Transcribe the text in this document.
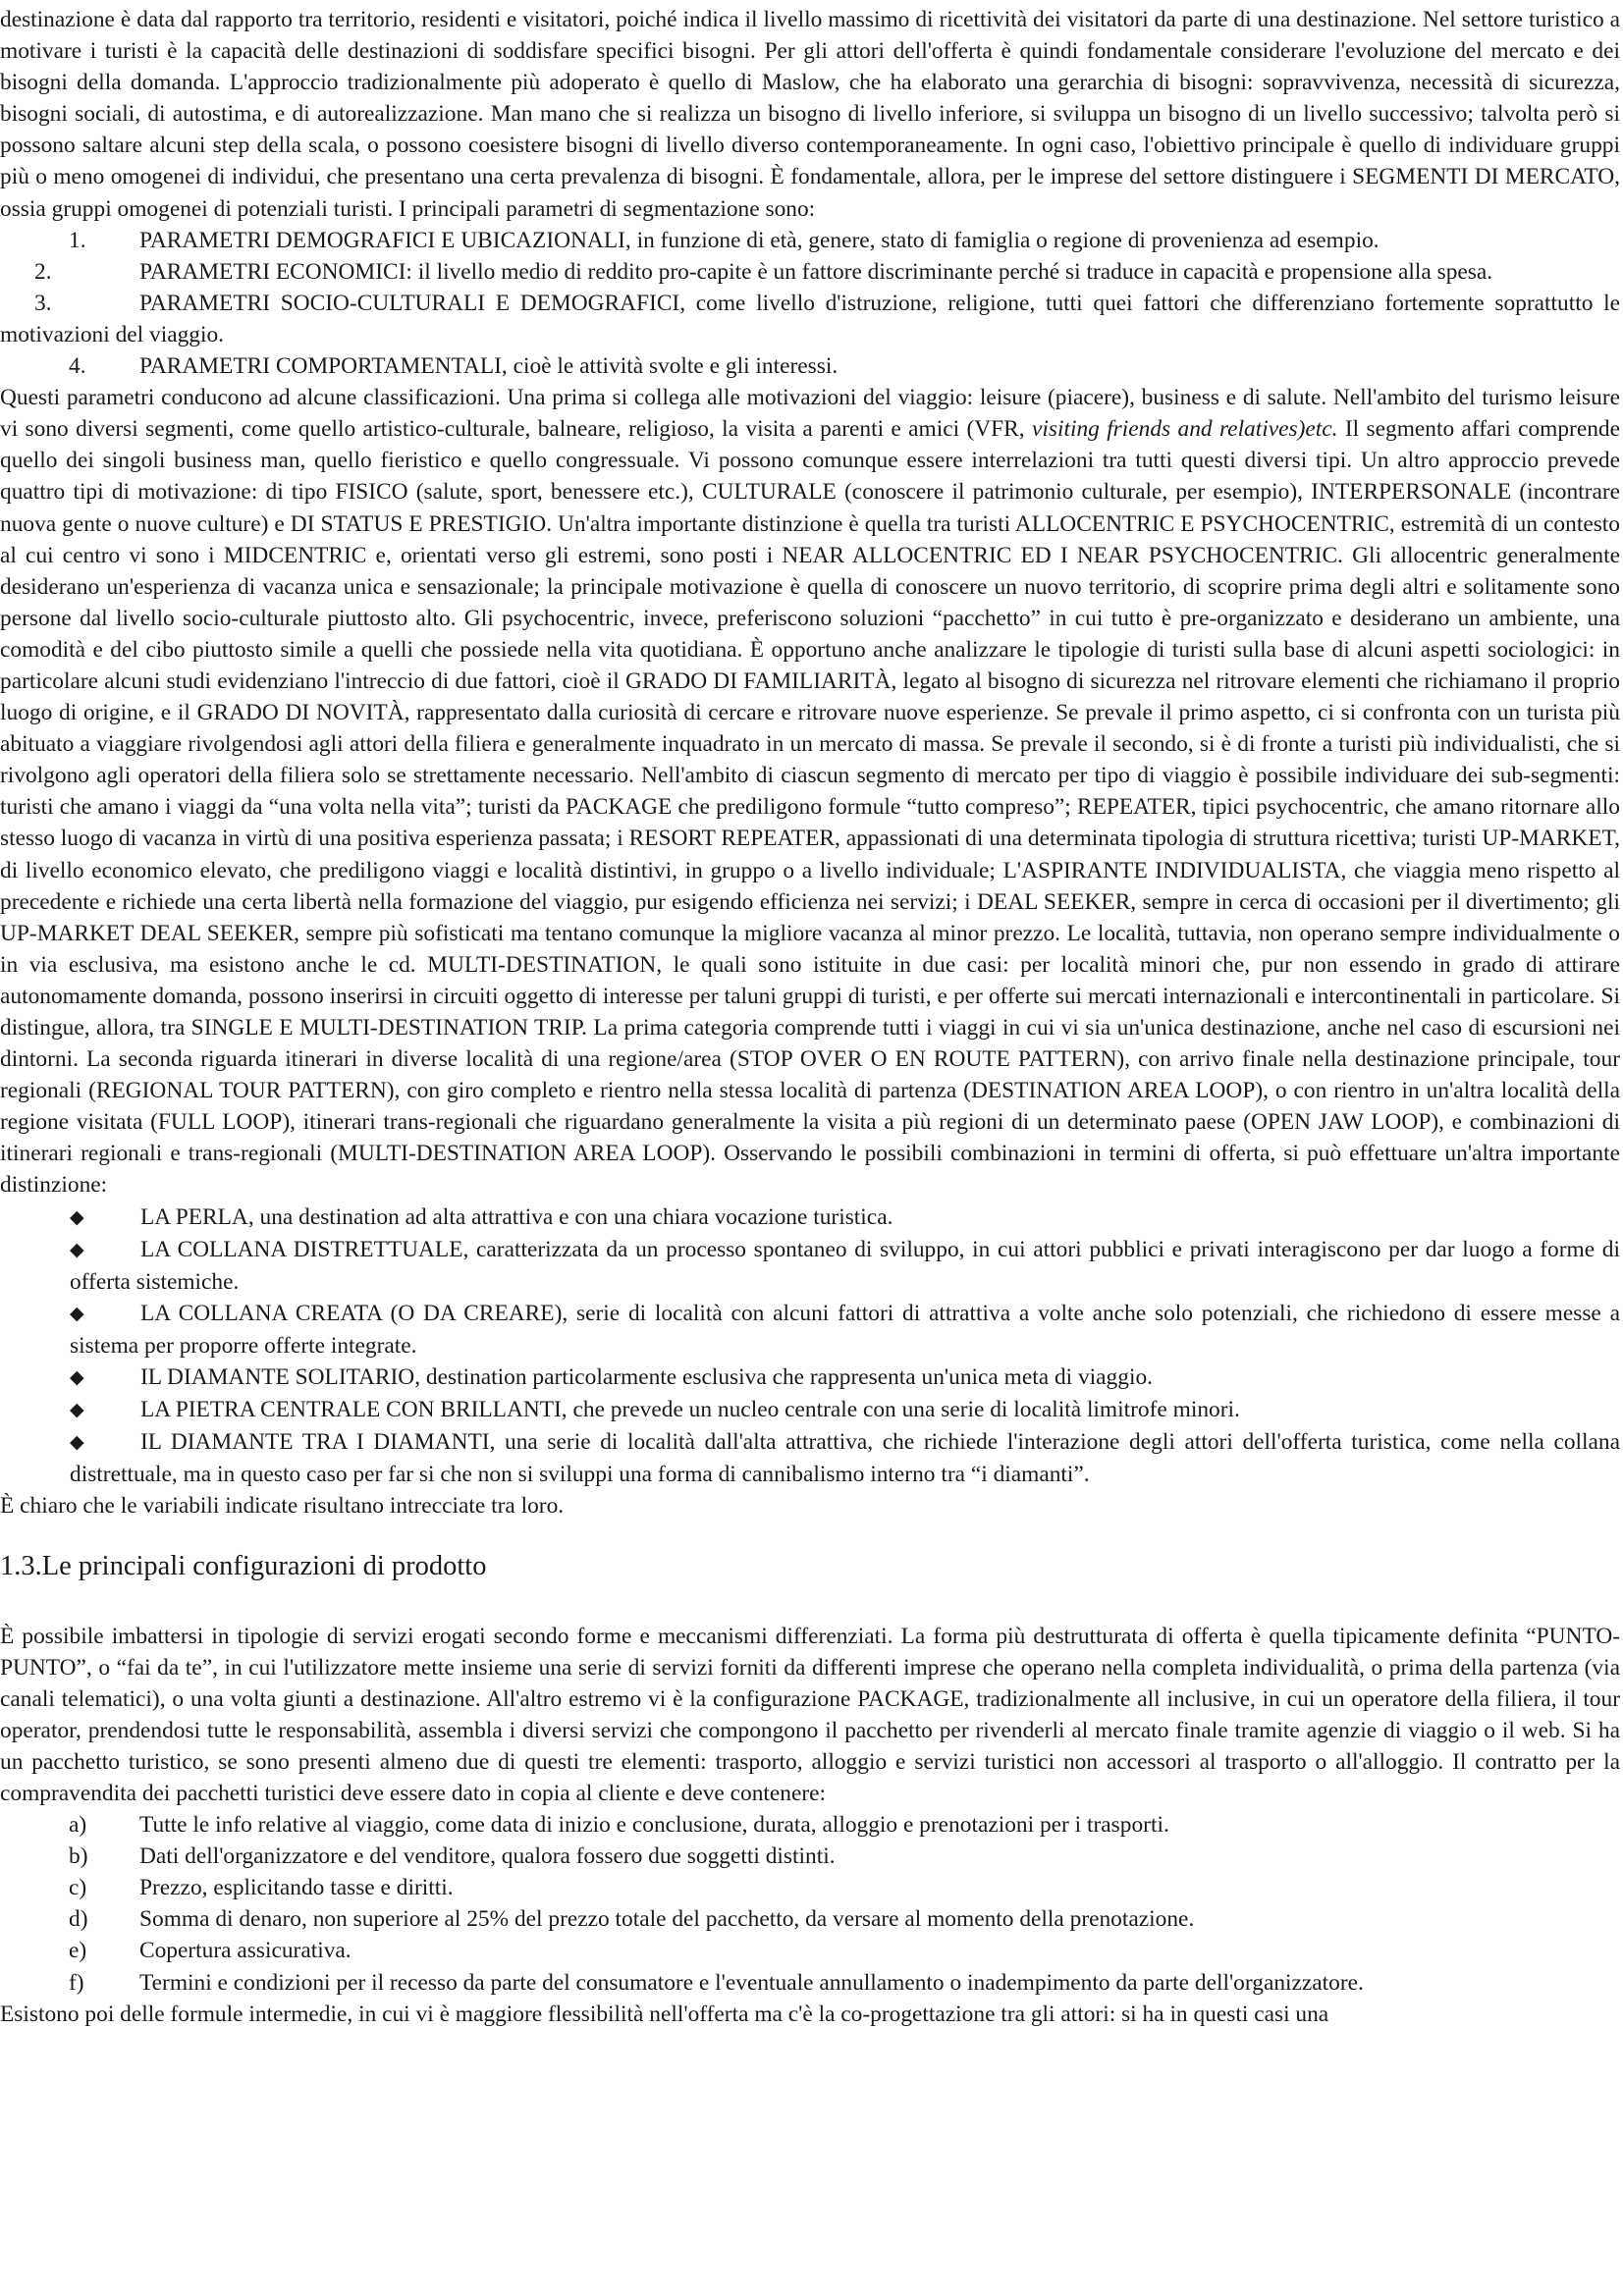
destinazione è data dal rapporto tra territorio, residenti e visitatori, poiché indica il livello massimo di ricettività dei visitatori da parte di una destinazione. Nel settore turistico a motivare i turisti è la capacità delle destinazioni di soddisfare specifici bisogni. Per gli attori dell'offerta è quindi fondamentale considerare l'evoluzione del mercato e dei bisogni della domanda. L'approccio tradizionalmente più adoperato è quello di Maslow, che ha elaborato una gerarchia di bisogni: sopravvivenza, necessità di sicurezza, bisogni sociali, di autostima, e di autorealizzazione. Man mano che si realizza un bisogno di livello inferiore, si sviluppa un bisogno di un livello successivo; talvolta però si possono saltare alcuni step della scala, o possono coesistere bisogni di livello diverso contemporaneamente. In ogni caso, l'obiettivo principale è quello di individuare gruppi più o meno omogenei di individui, che presentano una certa prevalenza di bisogni. È fondamentale, allora, per le imprese del settore distinguere i SEGMENTI DI MERCATO, ossia gruppi omogenei di potenziali turisti. I principali parametri di segmentazione sono:

1. PARAMETRI DEMOGRAFICI E UBICAZIONALI, in funzione di età, genere, stato di famiglia o regione di provenienza ad esempio.
2.	PARAMETRI ECONOMICI: il livello medio di reddito pro-capite è un fattore discriminante perché si traduce in capacità e propensione alla spesa.
3.	PARAMETRI SOCIO-CULTURALI E DEMOGRAFICI, come livello d'istruzione, religione, tutti quei fattori che differenziano fortemente soprattutto le motivazioni del viaggio.
4. PARAMETRI COMPORTAMENTALI, cioè le attività svolte e gli interessi.

Questi parametri conducono ad alcune classificazioni. Una prima si collega alle motivazioni del viaggio: leisure (piacere), business e di salute. Nell'ambito del turismo leisure vi sono diversi segmenti, come quello artistico-culturale, balneare, religioso, la visita a parenti e amici (VFR, visiting friends and relatives)etc. Il segmento affari comprende quello dei singoli business man, quello fieristico e quello congressuale. Vi possono comunque essere interrelazioni tra tutti questi diversi tipi. Un altro approccio prevede quattro tipi di motivazione: di tipo FISICO (salute, sport, benessere etc.), CULTURALE (conoscere il patrimonio culturale, per esempio), INTERPERSONALE (incontrare nuova gente o nuove culture) e DI STATUS E PRESTIGIO. Un'altra importante distinzione è quella tra turisti ALLOCENTRIC E PSYCHOCENTRIC, estremità di un contesto al cui centro vi sono i MIDCENTRIC e, orientati verso gli estremi, sono posti i NEAR ALLOCENTRIC ED I NEAR PSYCHOCENTRIC. Gli allocentric generalmente desiderano un'esperienza di vacanza unica e sensazionale; la principale motivazione è quella di conoscere un nuovo territorio, di scoprire prima degli altri e solitamente sono persone dal livello socio-culturale piuttosto alto. Gli psychocentric, invece, preferiscono soluzioni “pacchetto” in cui tutto è pre-organizzato e desiderano un ambiente, una comodità e del cibo piuttosto simile a quelli che possiede nella vita quotidiana. È opportuno anche analizzare le tipologie di turisti sulla base di alcuni aspetti sociologici: in particolare alcuni studi evidenziano l'intreccio di due fattori, cioè il GRADO DI FAMILIARITÀ, legato al bisogno di sicurezza nel ritrovare elementi che richiamano il proprio luogo di origine, e il GRADO DI NOVITÀ, rappresentato dalla curiosità di cercare e ritrovare nuove esperienze. Se prevale il primo aspetto, ci si confronta con un turista più abituato a viaggiare rivolgendosi agli attori della filiera e generalmente inquadrato in un mercato di massa. Se prevale il secondo, si è di fronte a turisti più individualisti, che si rivolgono agli operatori della filiera solo se strettamente necessario. Nell'ambito di ciascun segmento di mercato per tipo di viaggio è possibile individuare dei sub-segmenti: turisti che amano i viaggi da “una volta nella vita”; turisti da PACKAGE che prediligono formule “tutto compreso”; REPEATER, tipici psychocentric, che amano ritornare allo stesso luogo di vacanza in virtù di una positiva esperienza passata; i RESORT REPEATER, appassionati di una determinata tipologia di struttura ricettiva; turisti UP-MARKET, di livello economico elevato, che prediligono viaggi e località distintivi, in gruppo o a livello individuale; L'ASPIRANTE INDIVIDUALISTA, che viaggia meno rispetto al precedente e richiede una certa libertà nella formazione del viaggio, pur esigendo efficienza nei servizi; i DEAL SEEKER, sempre in cerca di occasioni per il divertimento; gli UP-MARKET DEAL SEEKER, sempre più sofisticati ma tentano comunque la migliore vacanza al minor prezzo. Le località, tuttavia, non operano sempre individualmente o in via esclusiva, ma esistono anche le cd. MULTI-DESTINATION, le quali sono istituite in due casi: per località minori che, pur non essendo in grado di attirare autonomamente domanda, possono inserirsi in circuiti oggetto di interesse per taluni gruppi di turisti, e per offerte sui mercati internazionali e intercontinentali in particolare. Si distingue, allora, tra SINGLE E MULTI-DESTINATION TRIP. La prima categoria comprende tutti i viaggi in cui vi sia un'unica destinazione, anche nel caso di escursioni nei dintorni. La seconda riguarda itinerari in diverse località di una regione/area (STOP OVER O EN ROUTE PATTERN), con arrivo finale nella destinazione principale, tour regionali (REGIONAL TOUR PATTERN), con giro completo e rientro nella stessa località di partenza (DESTINATION AREA LOOP), o con rientro in un'altra località della regione visitata (FULL LOOP), itinerari trans-regionali che riguardano generalmente la visita a più regioni di un determinato paese (OPEN JAW LOOP), e combinazioni di itinerari regionali e trans-regionali (MULTI-DESTINATION AREA LOOP). Osservando le possibili combinazioni in termini di offerta, si può effettuare un'altra importante distinzione:

◆ LA PERLA, una destination ad alta attrattiva e con una chiara vocazione turistica.
◆ LA COLLANA DISTRETTUALE, caratterizzata da un processo spontaneo di sviluppo, in cui attori pubblici e privati interagiscono per dar luogo a forme di offerta sistemiche.
◆ LA COLLANA CREATA (O DA CREARE), serie di località con alcuni fattori di attrattiva a volte anche solo potenziali, che richiedono di essere messe a sistema per proporre offerte integrate.
◆ IL DIAMANTE SOLITARIO, destination particolarmente esclusiva che rappresenta un'unica meta di viaggio.
◆ LA PIETRA CENTRALE CON BRILLANTI, che prevede un nucleo centrale con una serie di località limitrofe minori.
◆ IL DIAMANTE TRA I DIAMANTI, una serie di località dall'alta attrattiva, che richiede l'interazione degli attori dell'offerta turistica, come nella collana distrettuale, ma in questo caso per far si che non si sviluppi una forma di cannibalismo interno tra “i diamanti”.

È chiaro che le variabili indicate risultano intrecciate tra loro.

1.3.Le principali configurazioni di prodotto

È possibile imbattersi in tipologie di servizi erogati secondo forme e meccanismi differenziati. La forma più destrutturata di offerta è quella tipicamente definita “PUNTO-PUNTO”, o “fai da te”, in cui l'utilizzatore mette insieme una serie di servizi forniti da differenti imprese che operano nella completa individualità, o prima della partenza (via canali telematici), o una volta giunti a destinazione. All'altro estremo vi è la configurazione PACKAGE, tradizionalmente all inclusive, in cui un operatore della filiera, il tour operator, prendendosi tutte le responsabilità, assembla i diversi servizi che compongono il pacchetto per rivenderli al mercato finale tramite agenzie di viaggio o il web. Si ha un pacchetto turistico, se sono presenti almeno due di questi tre elementi: trasporto, alloggio e servizi turistici non accessori al trasporto o all'alloggio. Il contratto per la compravendita dei pacchetti turistici deve essere dato in copia al cliente e deve contenere:

a) Tutte le info relative al viaggio, come data di inizio e conclusione, durata, alloggio e prenotazioni per i trasporti.
b) Dati dell'organizzatore e del venditore, qualora fossero due soggetti distinti.
c) Prezzo, esplicitando tasse e diritti.
d) Somma di denaro, non superiore al 25% del prezzo totale del pacchetto, da versare al momento della prenotazione.
e) Copertura assicurativa.
f) Termini e condizioni per il recesso da parte del consumatore e l'eventuale annullamento o inadempimento da parte dell'organizzatore.

Esistono poi delle formule intermedie, in cui vi è maggiore flessibilità nell'offerta ma c'è la co-progettazione tra gli attori: si ha in questi casi una
